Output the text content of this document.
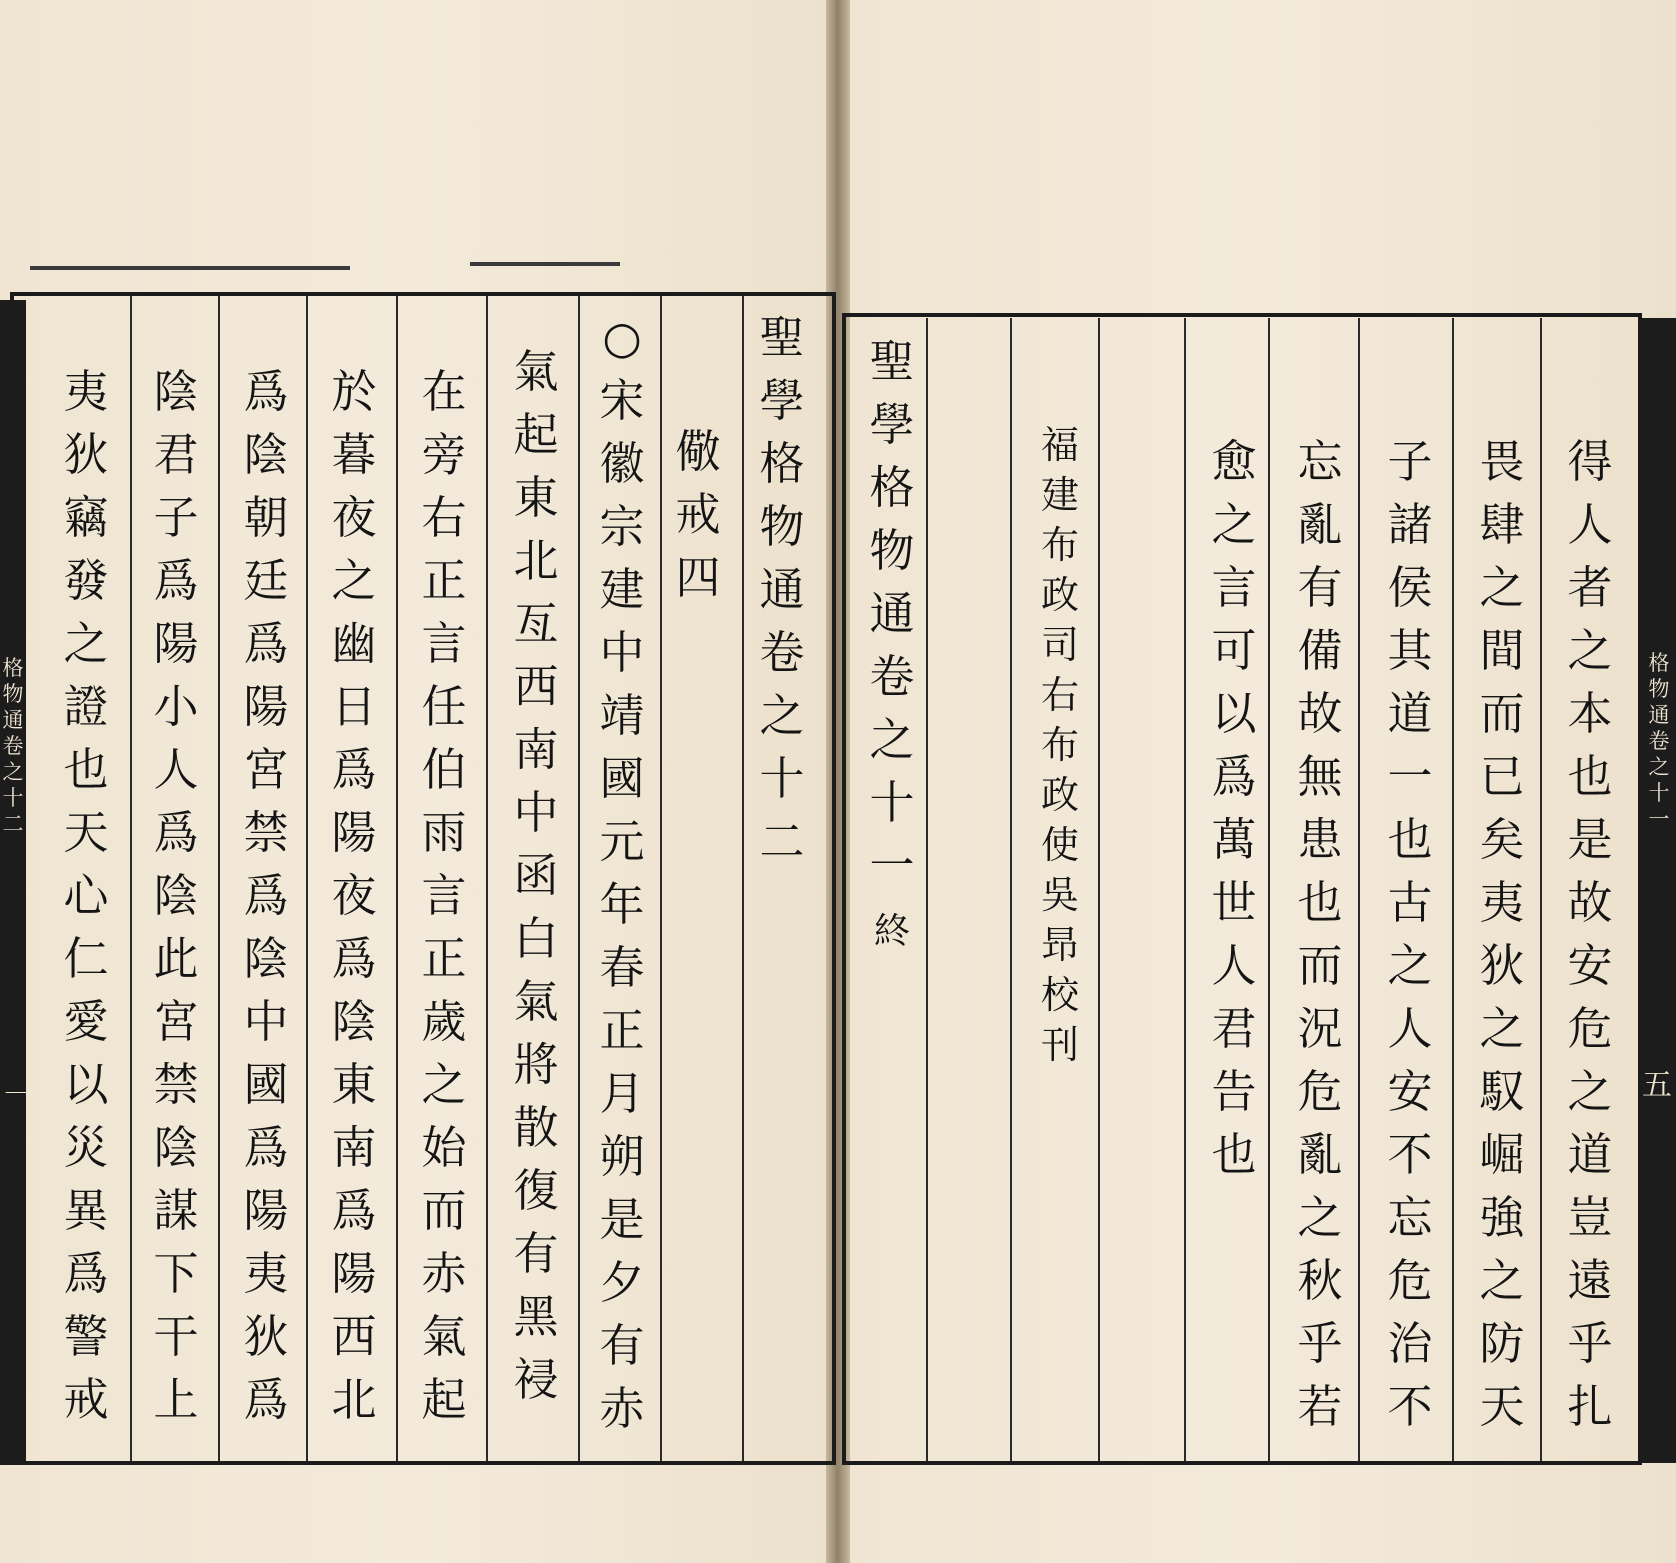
格物通卷之十二
一
聖學格物通卷之十二
儆戒四
○宋徽宗建中靖國元年春正月朔是夕有赤
氣起東北亙西南中函白氣將散復有黑祲
在旁右正言任伯雨言正歲之始而赤氣起
於暮夜之幽日爲陽夜爲陰東南爲陽西北
爲陰朝廷爲陽宮禁爲陰中國爲陽夷狄爲
陰君子爲陽小人爲陰此宮禁陰謀下干上
夷狄竊發之證也天心仁愛以災異爲警戒
格物通卷之十一
五
得人者之本也是故安危之道豈遠乎扎
畏肆之間而已矣夷狄之馭崛強之防天
子諸侯其道一也古之人安不忘危治不
忘亂有備故無患也而況危亂之秋乎若
愈之言可以爲萬世人君告也
福建布政司右布政使吳昻校刊
聖學格物通卷之十一
終
